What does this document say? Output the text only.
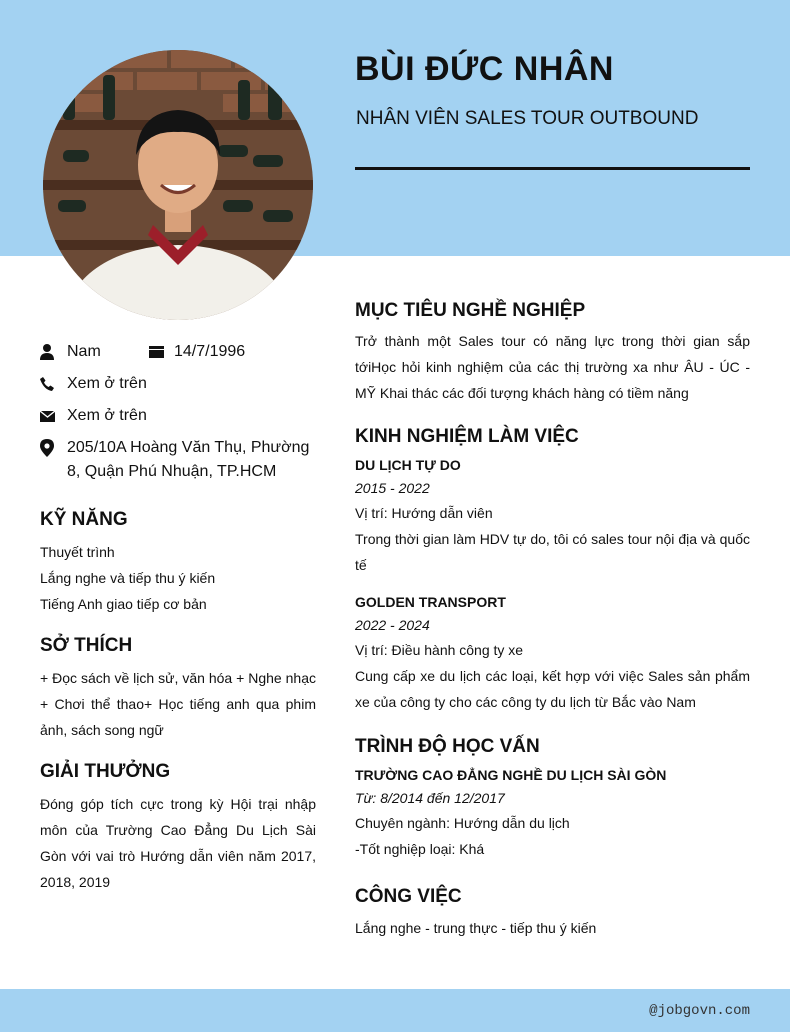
BÙI ĐỨC NHÂN
NHÂN VIÊN SALES TOUR OUTBOUND
Nam	14/7/1996
Xem ở trên
Xem ở trên
205/10A Hoàng Văn Thụ, Phường 8, Quận Phú Nhuận, TP.HCM
KỸ NĂNG
Thuyết trình
Lắng nghe và tiếp thu ý kiến
Tiếng Anh giao tiếp cơ bản
SỞ THÍCH
+ Đọc sách về lịch sử, văn hóa + Nghe nhạc + Chơi thể thao+ Học tiếng anh qua phim ảnh, sách song ngữ
GIẢI THƯỞNG
Đóng góp tích cực trong kỳ Hội trại nhập môn của Trường Cao Đẳng Du Lịch Sài Gòn với vai trò Hướng dẫn viên năm 2017, 2018, 2019
MỤC TIÊU NGHỀ NGHIỆP
Trở thành một Sales tour có năng lực trong thời gian sắp tớiHọc hỏi kinh nghiệm của các thị trường xa như ÂU - ÚC - MỸ Khai thác các đối tượng khách hàng có tiềm năng
KINH NGHIỆM LÀM VIỆC
DU LỊCH TỰ DO
2015 - 2022
Vị trí: Hướng dẫn viên
Trong thời gian làm HDV tự do, tôi có sales tour nội địa và quốc tế
GOLDEN TRANSPORT
2022 - 2024
Vị trí: Điều hành công ty xe
Cung cấp xe du lịch các loại, kết hợp với việc Sales sản phẩm xe của công ty cho các công ty du lịch từ Bắc vào Nam
TRÌNH ĐỘ HỌC VẤN
TRƯỜNG CAO ĐẲNG NGHỀ DU LỊCH SÀI GÒN
Từ: 8/2014 đến 12/2017
Chuyên ngành: Hướng dẫn du lịch
-Tốt nghiệp loại: Khá
CÔNG VIỆC
Lắng nghe - trung thực - tiếp thu ý kiến
@jobgovn.com
